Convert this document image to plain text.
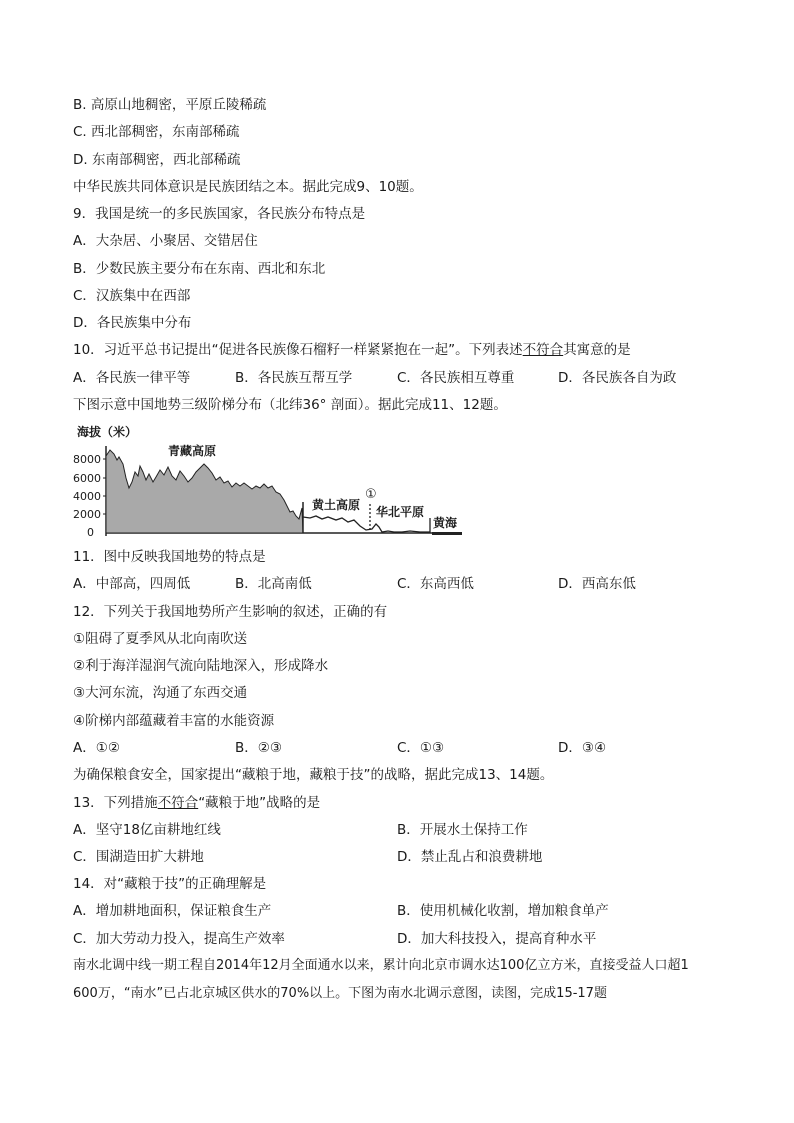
B. 高原山地稠密，平原丘陵稀疏
C. 西北部稠密，东南部稀疏
D. 东南部稠密，西北部稀疏
中华民族共同体意识是民族团结之本。据此完成9、10题。
9．我国是统一的多民族国家，各民族分布特点是
A．大杂居、小聚居、交错居住
B．少数民族主要分布在东南、西北和东北
C．汉族集中在西部
D．各民族集中分布
10．习近平总书记提出“促进各民族像石榴籽一样紧紧抱在一起”。下列表述不符合其寓意的是
A．各民族一律平等	B．各民族互帮互学	C．各民族相互尊重	D．各民族各自为政
下图示意中国地势三级阶梯分布（北纬36° 剖面）。据此完成11、12题。
海拔（米）
8000
6000
4000
2000
0
青藏高原
黄土高原
①
华北平原
黄海
11．图中反映我国地势的特点是
A．中部高，四周低	B．北高南低	C．东高西低	D．西高东低
12．下列关于我国地势所产生影响的叙述，正确的有
①阻碍了夏季风从北向南吹送
②利于海洋湿润气流向陆地深入，形成降水
③大河东流，沟通了东西交通
④阶梯内部蕴藏着丰富的水能资源
A．①②	B．②③	C．①③	D．③④
为确保粮食安全，国家提出“藏粮于地，藏粮于技”的战略，据此完成13、14题。
13．下列措施不符合“藏粮于地”战略的是
A．坚守18亿亩耕地红线	B．开展水土保持工作
C．围湖造田扩大耕地	D．禁止乱占和浪费耕地
14．对“藏粮于技”的正确理解是
A．增加耕地面积，保证粮食生产	B．使用机械化收割，增加粮食单产
C．加大劳动力投入，提高生产效率	D．加大科技投入，提高育种水平
南水北调中线一期工程自2014年12月全面通水以来，累计向北京市调水达100亿立方米，直接受益人口超1
600万，“南水”已占北京城区供水的70%以上。下图为南水北调示意图，读图，完成15-17题
